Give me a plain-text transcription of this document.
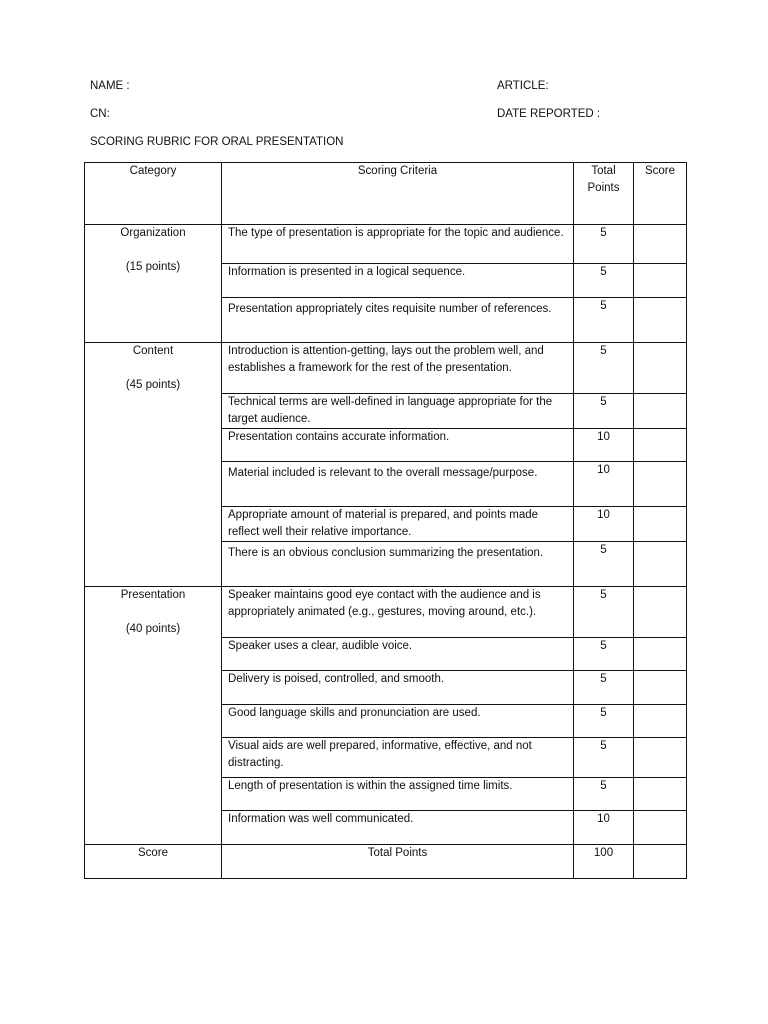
NAME :	ARTICLE:
CN:	DATE REPORTED :
SCORING RUBRIC FOR ORAL PRESENTATION
Category	Scoring Criteria	Total Points	Score

Organization
(15 points)	The type of presentation is appropriate for the topic and audience.	5	
	Information is presented in a logical sequence.	5	
	Presentation appropriately cites requisite number of references.	5	

Content
(45 points)	Introduction is attention-getting, lays out the problem well, and establishes a framework for the rest of the presentation.	5	
	Technical terms are well-defined in language appropriate for the target audience.	5	
	Presentation contains accurate information.	10	
	Material included is relevant to the overall message/purpose.	10	
	Appropriate amount of material is prepared, and points made reflect well their relative importance.	10	
	There is an obvious conclusion summarizing the presentation.	5	

Presentation
(40 points)	Speaker maintains good eye contact with the audience and is appropriately animated (e.g., gestures, moving around, etc.).	5	
	Speaker uses a clear, audible voice.	5	
	Delivery is poised, controlled, and smooth.	5	
	Good language skills and pronunciation are used.	5	
	Visual aids are well prepared, informative, effective, and not distracting.	5	
	Length of presentation is within the assigned time limits.	5	
	Information was well communicated.	10	
Score	Total Points	100	
